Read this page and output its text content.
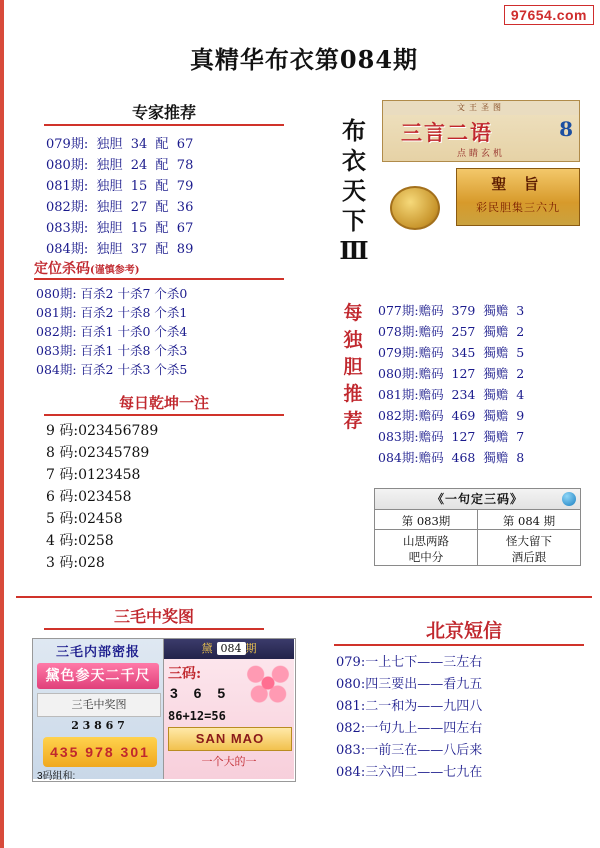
97654.com
真精华布衣第084期
专家推荐
079期:  独胆  34  配  67
080期:  独胆  24  配  78
081期:  独胆  15  配  79
082期:  独胆  27  配  36
083期:  独胆  15  配  67
084期:  独胆  37  配  89
定位杀码(谨慎参考)
080期: 百杀2 十杀7 个杀0
081期: 百杀2 十杀8 个杀1
082期: 百杀1 十杀0 个杀4
083期: 百杀1 十杀8 个杀3
084期: 百杀2 十杀3 个杀5
每日乾坤一注
9 码:023456789
8 码:02345789
7 码:0123458
6 码:023458
5 码:02458
4 码:0258
3 码:028
布衣天下Ⅲ
文王圣图
三言二语	8
点睛玄机
聖 旨
彩民胆集三六九
每独胆推荐
077期:赡码  379  獨赡  3
078期:赡码  257  獨赡  2
079期:赡码  345  獨赡  5
080期:赡码  127  獨赡  2
081期:赡码  234  獨赡  4
082期:赡码  469  獨赡  9
083期:赡码  127  獨赡  7
084期:赡码  468  獨赡  8
《一句定三码》
第 083期	第 084 期
山思两路	怪大留下
吧中分	酒后跟
三毛中奖图
三毛内部密报
黛色参天二千尺
三毛中奖图
2 3 8 6 7
435 978 301
3码組和:
黛 084 期
三码:
3 6 5
86+12=56
SAN MAO
一个大的一
北京短信
079:一上七下——三左右
080:四三要出——看九五
081:二一和为——九四八
082:一句九上——四左右
083:一前三在——八后来
084:三六四二——七九在
